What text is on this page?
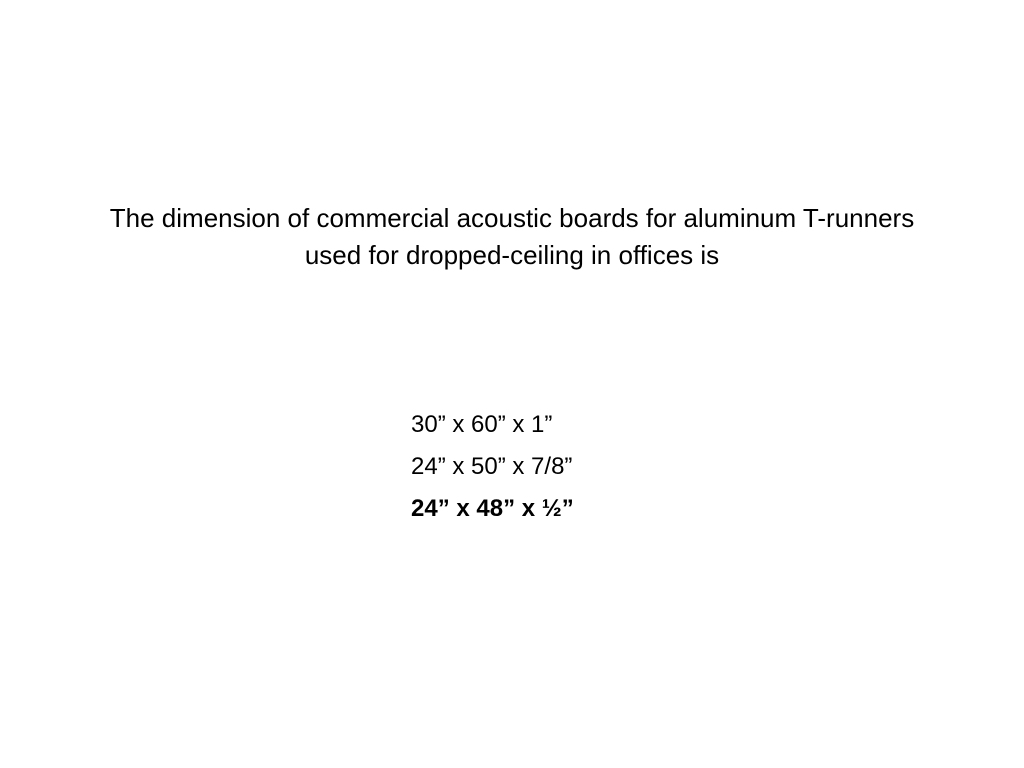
The dimension of commercial acoustic boards for aluminum T-runners used for dropped-ceiling in offices is
30” x 60” x 1”
24” x 50” x 7/8”
24” x 48” x ½”
